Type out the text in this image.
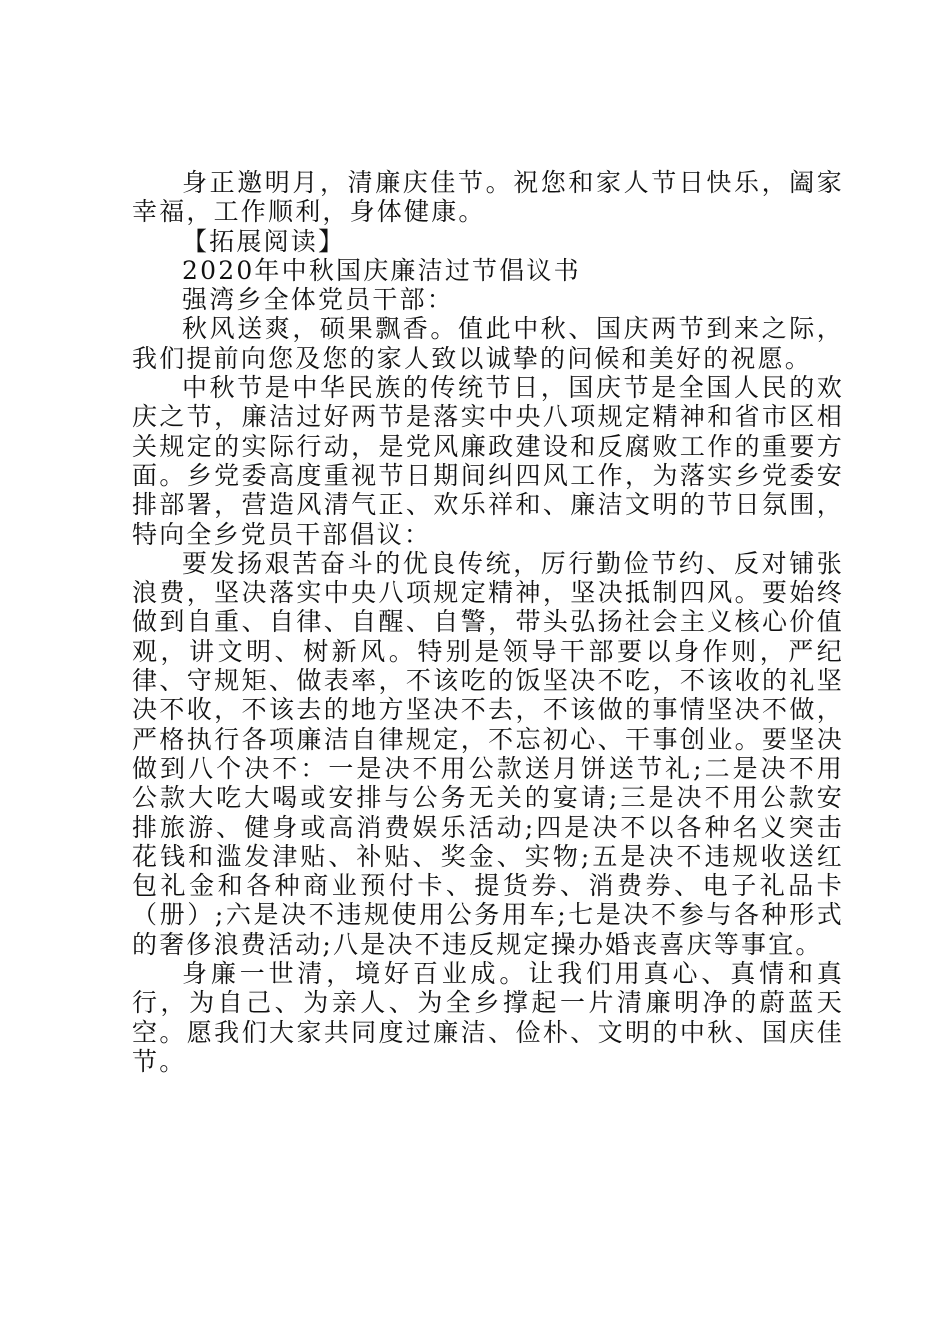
身正邀明月，清廉庆佳节。祝您和家人节日快乐，阖家幸福，工作顺利，身体健康。

【拓展阅读】

2020年中秋国庆廉洁过节倡议书

强湾乡全体党员干部：

秋风送爽，硕果飘香。值此中秋、国庆两节到来之际，我们提前向您及您的家人致以诚挚的问候和美好的祝愿。

中秋节是中华民族的传统节日，国庆节是全国人民的欢庆之节，廉洁过好两节是落实中央八项规定精神和省市区相关规定的实际行动，是党风廉政建设和反腐败工作的重要方面。乡党委高度重视节日期间纠四风工作，为落实乡党委安排部署，营造风清气正、欢乐祥和、廉洁文明的节日氛围，特向全乡党员干部倡议：

要发扬艰苦奋斗的优良传统，厉行勤俭节约、反对铺张浪费，坚决落实中央八项规定精神，坚决抵制四风。要始终做到自重、自律、自醒、自警，带头弘扬社会主义核心价值观，讲文明、树新风。特别是领导干部要以身作则，严纪律、守规矩、做表率，不该吃的饭坚决不吃，不该收的礼坚决不收，不该去的地方坚决不去，不该做的事情坚决不做，严格执行各项廉洁自律规定，不忘初心、干事创业。要坚决做到八个决不：一是决不用公款送月饼送节礼;二是决不用公款大吃大喝或安排与公务无关的宴请;三是决不用公款安排旅游、健身或高消费娱乐活动;四是决不以各种名义突击花钱和滥发津贴、补贴、奖金、实物;五是决不违规收送红包礼金和各种商业预付卡、提货券、消费券、电子礼品卡（册）;六是决不违规使用公务用车;七是决不参与各种形式的奢侈浪费活动;八是决不违反规定操办婚丧喜庆等事宜。

身廉一世清，境好百业成。让我们用真心、真情和真行，为自己、为亲人、为全乡撑起一片清廉明净的蔚蓝天空。愿我们大家共同度过廉洁、俭朴、文明的中秋、国庆佳节。
